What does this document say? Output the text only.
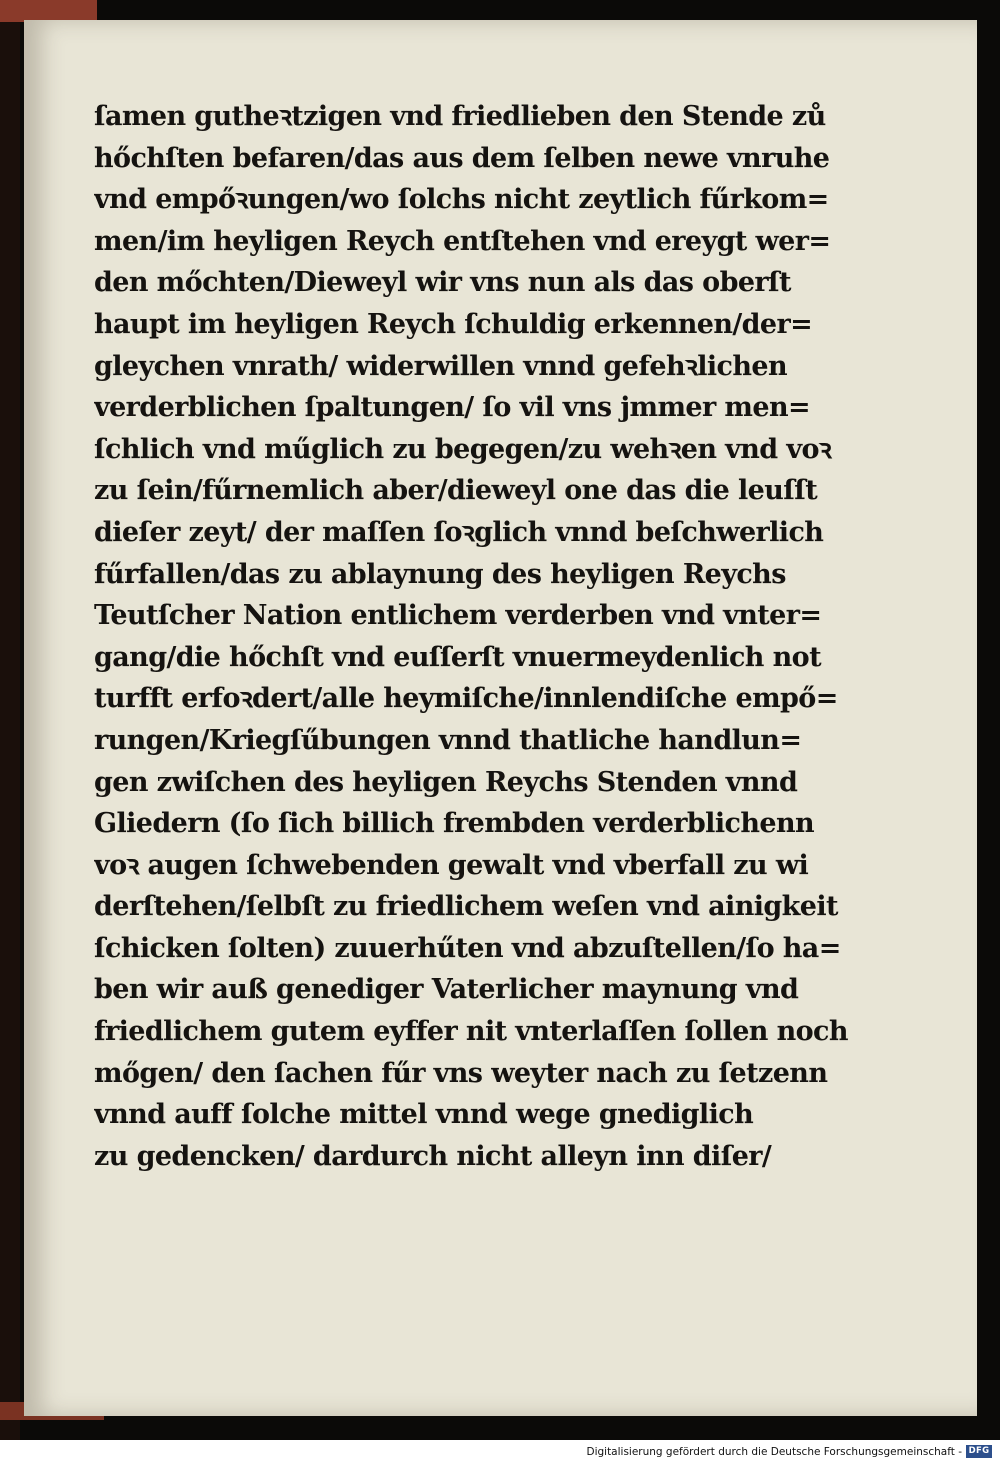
ſamen gutheꝛtzigen vnd friedlieben den Stende zů
hőchſten befaren/das aus dem ſelben newe vnruhe
vnd empőꝛungen/wo ſolchs nicht zeytlich fűrkom=
men/im heyligen Reych entſtehen vnd ereygt wer=
den mőchten/Dieweyl wir vns nun als das oberſt
haupt im heyligen Reych ſchuldig erkennen/der=
gleychen vnrath/ widerwillen vnnd gefehꝛlichen
verderblichen ſpaltungen/ ſo vil vns jmmer men=
ſchlich vnd műglich zu begegen/zu wehꝛen vnd voꝛ
zu ſein/fűrnemlich aber/dieweyl one das die leuſſt
dieſer zeyt/ der maſſen ſoꝛglich vnnd beſchwerlich
fűrfallen/das zu ablaynung des heyligen Reychs
Teutſcher Nation entlichem verderben vnd vnter=
gang/die hőchſt vnd euſſerſt vnuermeydenlich not
turfft erfoꝛdert/alle heymiſche/innlendiſche empő=
rungen/Kriegſűbungen vnnd thatliche handlun=
gen zwiſchen des heyligen Reychs Stenden vnnd
Gliedern (ſo ſich billich frembden verderblichenn
voꝛ augen ſchwebenden gewalt vnd vberfall zu wi
derſtehen/ſelbſt zu friedlichem weſen vnd ainigkeit
ſchicken ſolten) zuuerhűten vnd abzuſtellen/ſo ha=
ben wir auß genediger Vaterlicher maynung vnd
friedlichem gutem eyffer nit vnterlaſſen ſollen noch
mőgen/ den ſachen fűr vns weyter nach zu ſetzenn
vnnd auff ſolche mittel vnnd wege gnediglich
zu gedencken/ dardurch nicht alleyn inn diſer/
Digitalisierung gefördert durch die Deutsche Forschungsgemeinschaft - DFG
